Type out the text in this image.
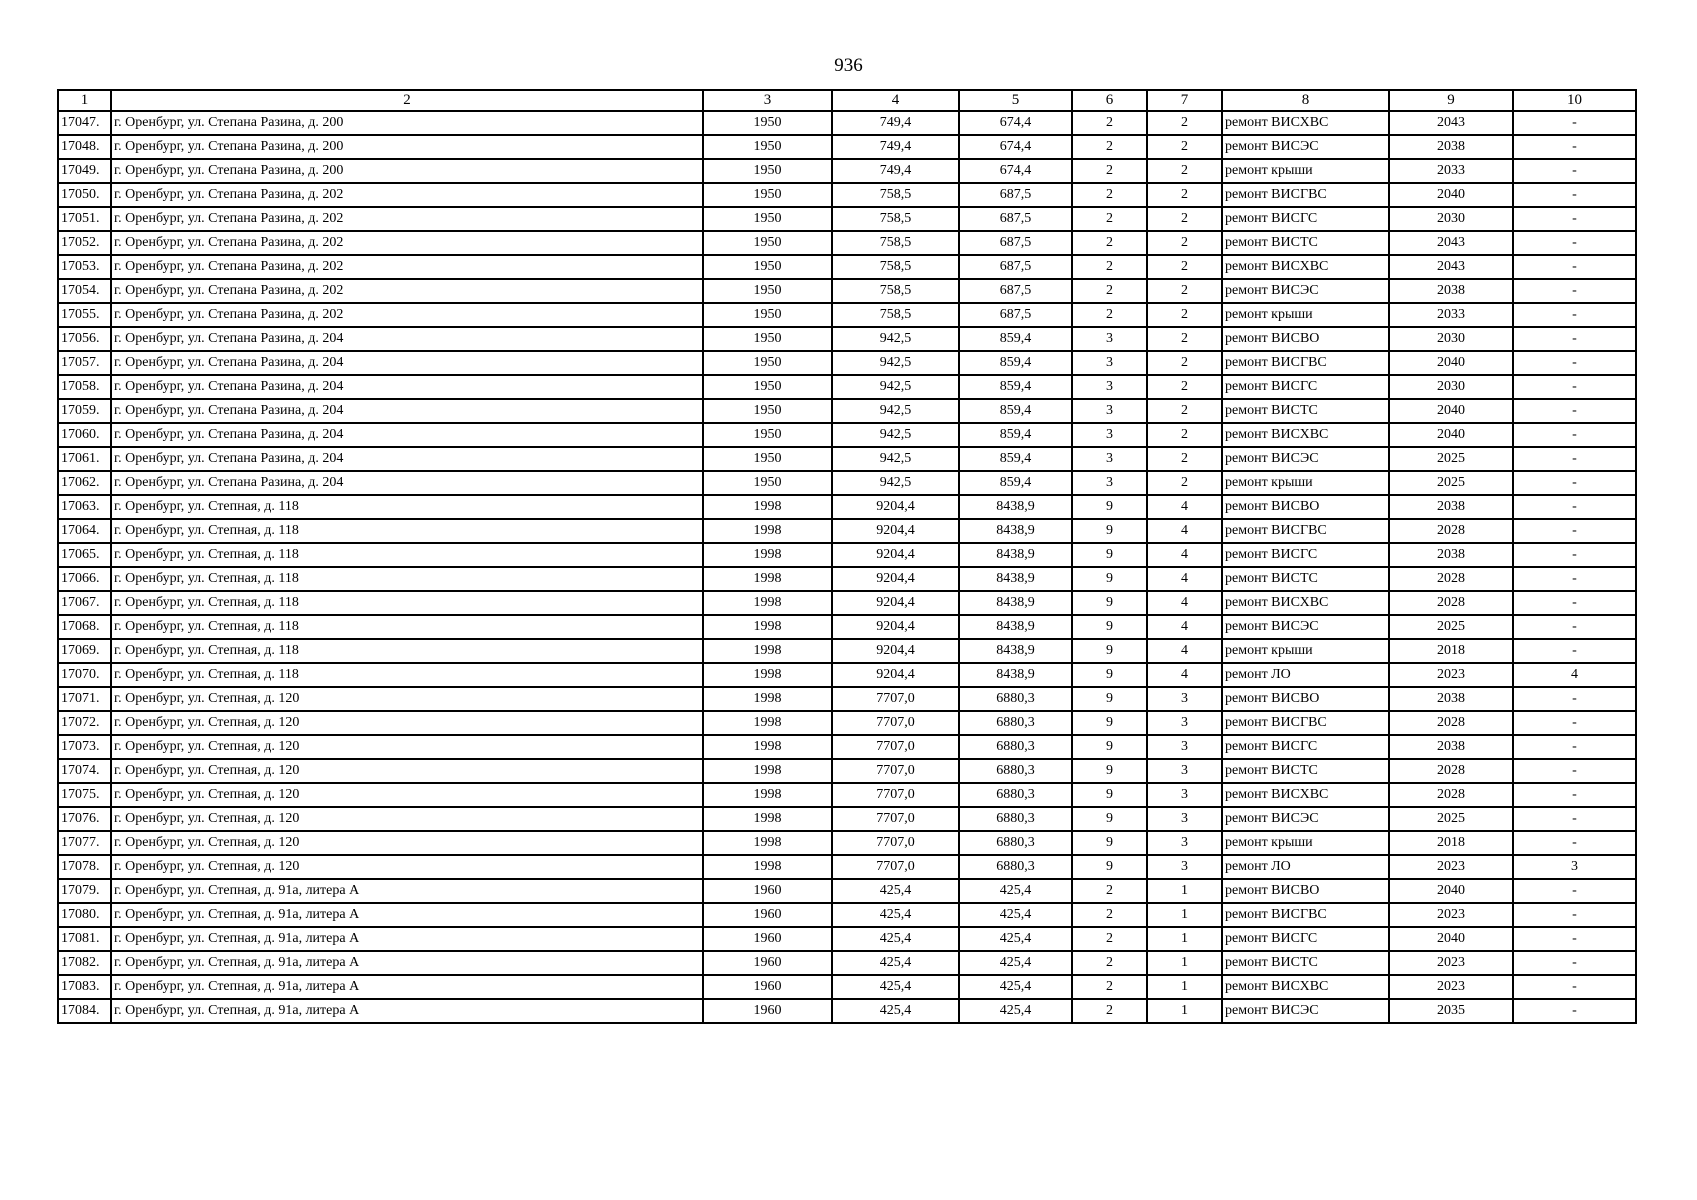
936
1	2	3	4	5	6	7	8	9	10
17047.	г. Оренбург, ул. Степана Разина, д. 200	1950	749,4	674,4	2	2	ремонт ВИСХВС	2043	-
17048.	г. Оренбург, ул. Степана Разина, д. 200	1950	749,4	674,4	2	2	ремонт ВИСЭС	2038	-
17049.	г. Оренбург, ул. Степана Разина, д. 200	1950	749,4	674,4	2	2	ремонт крыши	2033	-
17050.	г. Оренбург, ул. Степана Разина, д. 202	1950	758,5	687,5	2	2	ремонт ВИСГВС	2040	-
17051.	г. Оренбург, ул. Степана Разина, д. 202	1950	758,5	687,5	2	2	ремонт ВИСГС	2030	-
17052.	г. Оренбург, ул. Степана Разина, д. 202	1950	758,5	687,5	2	2	ремонт ВИСТС	2043	-
17053.	г. Оренбург, ул. Степана Разина, д. 202	1950	758,5	687,5	2	2	ремонт ВИСХВС	2043	-
17054.	г. Оренбург, ул. Степана Разина, д. 202	1950	758,5	687,5	2	2	ремонт ВИСЭС	2038	-
17055.	г. Оренбург, ул. Степана Разина, д. 202	1950	758,5	687,5	2	2	ремонт крыши	2033	-
17056.	г. Оренбург, ул. Степана Разина, д. 204	1950	942,5	859,4	3	2	ремонт ВИСВО	2030	-
17057.	г. Оренбург, ул. Степана Разина, д. 204	1950	942,5	859,4	3	2	ремонт ВИСГВС	2040	-
17058.	г. Оренбург, ул. Степана Разина, д. 204	1950	942,5	859,4	3	2	ремонт ВИСГС	2030	-
17059.	г. Оренбург, ул. Степана Разина, д. 204	1950	942,5	859,4	3	2	ремонт ВИСТС	2040	-
17060.	г. Оренбург, ул. Степана Разина, д. 204	1950	942,5	859,4	3	2	ремонт ВИСХВС	2040	-
17061.	г. Оренбург, ул. Степана Разина, д. 204	1950	942,5	859,4	3	2	ремонт ВИСЭС	2025	-
17062.	г. Оренбург, ул. Степана Разина, д. 204	1950	942,5	859,4	3	2	ремонт крыши	2025	-
17063.	г. Оренбург, ул. Степная, д. 118	1998	9204,4	8438,9	9	4	ремонт ВИСВО	2038	-
17064.	г. Оренбург, ул. Степная, д. 118	1998	9204,4	8438,9	9	4	ремонт ВИСГВС	2028	-
17065.	г. Оренбург, ул. Степная, д. 118	1998	9204,4	8438,9	9	4	ремонт ВИСГС	2038	-
17066.	г. Оренбург, ул. Степная, д. 118	1998	9204,4	8438,9	9	4	ремонт ВИСТС	2028	-
17067.	г. Оренбург, ул. Степная, д. 118	1998	9204,4	8438,9	9	4	ремонт ВИСХВС	2028	-
17068.	г. Оренбург, ул. Степная, д. 118	1998	9204,4	8438,9	9	4	ремонт ВИСЭС	2025	-
17069.	г. Оренбург, ул. Степная, д. 118	1998	9204,4	8438,9	9	4	ремонт крыши	2018	-
17070.	г. Оренбург, ул. Степная, д. 118	1998	9204,4	8438,9	9	4	ремонт ЛО	2023	4
17071.	г. Оренбург, ул. Степная, д. 120	1998	7707,0	6880,3	9	3	ремонт ВИСВО	2038	-
17072.	г. Оренбург, ул. Степная, д. 120	1998	7707,0	6880,3	9	3	ремонт ВИСГВС	2028	-
17073.	г. Оренбург, ул. Степная, д. 120	1998	7707,0	6880,3	9	3	ремонт ВИСГС	2038	-
17074.	г. Оренбург, ул. Степная, д. 120	1998	7707,0	6880,3	9	3	ремонт ВИСТС	2028	-
17075.	г. Оренбург, ул. Степная, д. 120	1998	7707,0	6880,3	9	3	ремонт ВИСХВС	2028	-
17076.	г. Оренбург, ул. Степная, д. 120	1998	7707,0	6880,3	9	3	ремонт ВИСЭС	2025	-
17077.	г. Оренбург, ул. Степная, д. 120	1998	7707,0	6880,3	9	3	ремонт крыши	2018	-
17078.	г. Оренбург, ул. Степная, д. 120	1998	7707,0	6880,3	9	3	ремонт ЛО	2023	3
17079.	г. Оренбург, ул. Степная, д. 91а, литера А	1960	425,4	425,4	2	1	ремонт ВИСВО	2040	-
17080.	г. Оренбург, ул. Степная, д. 91а, литера А	1960	425,4	425,4	2	1	ремонт ВИСГВС	2023	-
17081.	г. Оренбург, ул. Степная, д. 91а, литера А	1960	425,4	425,4	2	1	ремонт ВИСГС	2040	-
17082.	г. Оренбург, ул. Степная, д. 91а, литера А	1960	425,4	425,4	2	1	ремонт ВИСТС	2023	-
17083.	г. Оренбург, ул. Степная, д. 91а, литера А	1960	425,4	425,4	2	1	ремонт ВИСХВС	2023	-
17084.	г. Оренбург, ул. Степная, д. 91а, литера А	1960	425,4	425,4	2	1	ремонт ВИСЭС	2035	-
